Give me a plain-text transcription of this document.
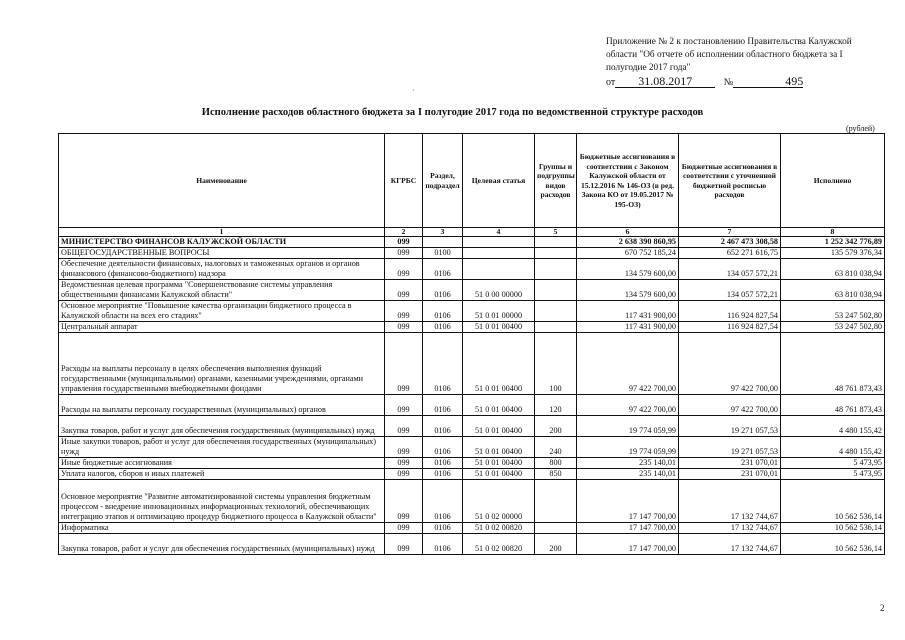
Приложение № 2 к постановлению Правительства Калужской
области "Об отчете об исполнении областного бюджета за I
полугодие 2017 года"
от 31.08.2017	№	495
·
Исполнение расходов областного бюджета за I полугодие 2017 года по ведомственной структуре расходов
(рублей)
Наименование	КГРБС	Раздел, подраздел	Целевая статья	Группы и подгруппы видов расходов	Бюджетные ассигнования в соответствии с Законом Калужской области от 15.12.2016 № 146-ОЗ (в ред. Закона КО от 19.05.2017 № 195-ОЗ)	Бюджетные ассигнования в соответствии с уточненной бюджетной росписью расходов	Исполнено
1	2	3	4	5	6	7	8
МИНИСТЕРСТВО ФИНАНСОВ КАЛУЖСКОЙ ОБЛАСТИ	099				2 638 390 860,95	2 467 473 308,58	1 252 342 776,89
ОБЩЕГОСУДАРСТВЕННЫЕ ВОПРОСЫ	099	0100			670 752 185,24	652 271 616,75	135 579 376,34
Обеспечение деятельности финансовых, налоговых и таможенных органов и органов финансового (финансово-бюджетного) надзора	099	0106			134 579 600,00	134 057 572,21	63 810 038,94
Ведомственная целевая программа "Совершенствование системы управления общественными финансами Калужской области"	099	0106	51 0 00 00000		134 579 600,00	134 057 572,21	63 810 038,94
Основное мероприятие "Повышение качества организации бюджетного процесса в Калужской области на всех его стадиях"	099	0106	51 0 01 00000		117 431 900,00	116 924 827,54	53 247 502,80
Центральный аппарат	099	0106	51 0 01 00400		117 431 900,00	116 924 827,54	53 247 502,80
Расходы на выплаты персоналу в целях обеспечения выполнения функций государственными (муниципальными) органами, казенными учреждениями, органами управления государственными внебюджетными фондами	099	0106	51 0 01 00400	100	97 422 700,00	97 422 700,00	48 761 873,43
Расходы на выплаты персоналу государственных (муниципальных) органов	099	0106	51 0 01 00400	120	97 422 700,00	97 422 700,00	48 761 873,43
Закупка товаров, работ и услуг для обеспечения государственных (муниципальных) нужд	099	0106	51 0 01 00400	200	19 774 059,99	19 271 057,53	4 480 155,42
Иные закупки товаров, работ и услуг для обеспечения государственных (муниципальных) нужд	099	0106	51 0 01 00400	240	19 774 059,99	19 271 057,53	4 480 155,42
Иные бюджетные ассигнования	099	0106	51 0 01 00400	800	235 140,01	231 070,01	5 473,95
Уплата налогов, сборов и иных платежей	099	0106	51 0 01 00400	850	235 140,01	231 070,01	5 473,95
Основное мероприятие "Развитие автоматизированной системы управления бюджетным процессом - внедрение инновационных информационных технологий, обеспечивающих интеграцию этапов и оптимизацию процедур бюджетного процесса в Калужской области"	099	0106	51 0 02 00000		17 147 700,00	17 132 744,67	10 562 536,14
Информатика	099	0106	51 0 02 00820		17 147 700,00	17 132 744,67	10 562 536,14
Закупка товаров, работ и услуг для обеспечения государственных (муниципальных) нужд	099	0106	51 0 02 00820	200	17 147 700,00	17 132 744,67	10 562 536,14
2
